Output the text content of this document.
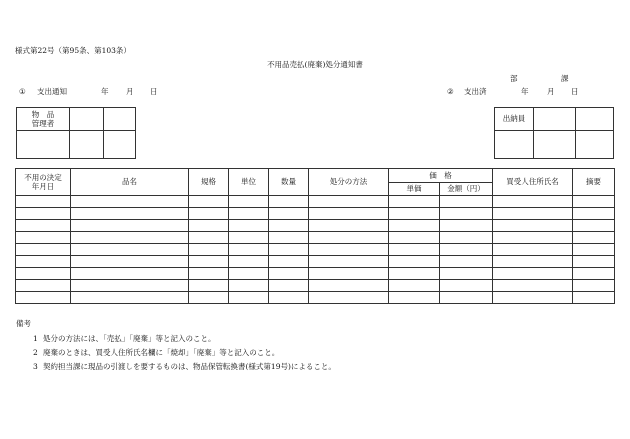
様式第22号（第95条、第103条）
不用品売払(廃棄)処分通知書
部	課
① 支出通知	年 月 日	② 支出済	年 月 日
物　品
管理者
出納員
不用の決定
年月日	品名	規格	単位	数量	処分の方法	価　格		買受人住所氏名	摘要
						単価	金額（円）		

備考
1 処分の方法には、「売払」「廃棄」等と記入のこと。
2 廃棄のときは、買受人住所氏名欄に「焼却」「廃棄」等と記入のこと。
3 契約担当課に現品の引渡しを要するものは、物品保管転換書(様式第19号)によること。
